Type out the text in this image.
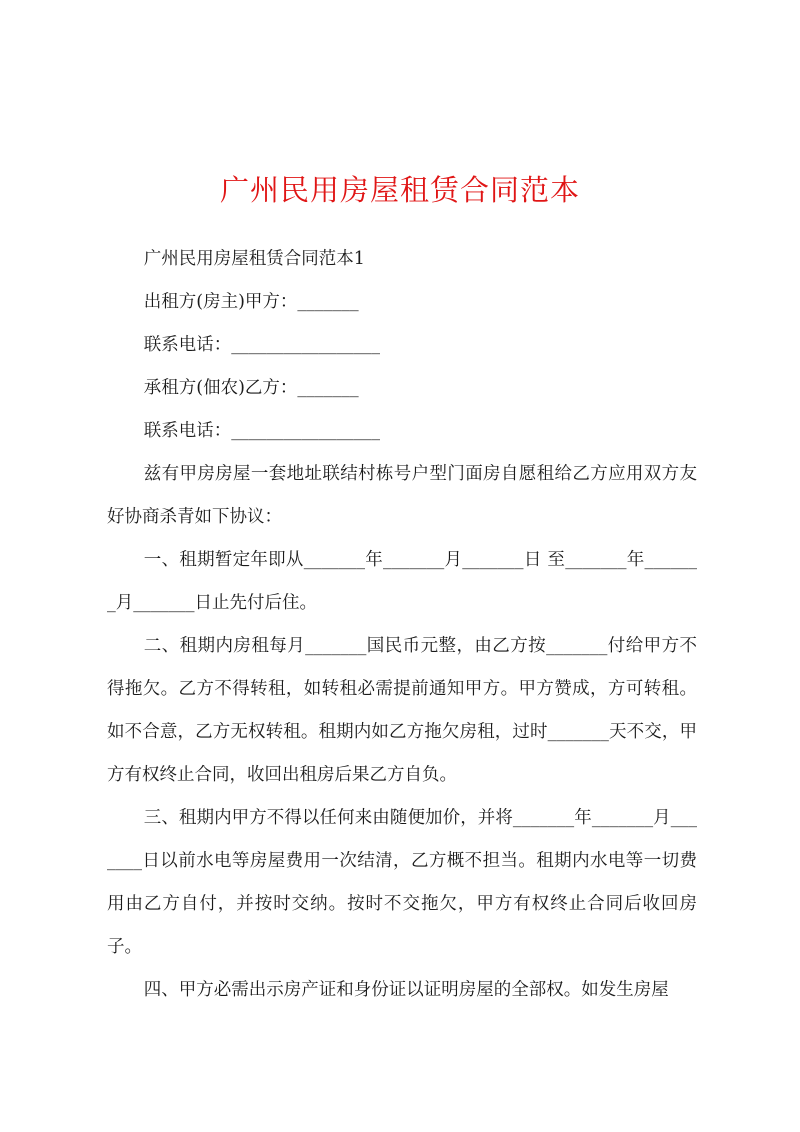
广州民用房屋租赁合同范本

广州民用房屋租赁合同范本1

出租方(房主)甲方：_______

联系电话：_________________

承租方(佃农)乙方：_______

联系电话：_________________

兹有甲房房屋一套地址联结村栋号户型门面房自愿租给乙方应用双方友好协商杀青如下协议：

一、租期暂定年即从_______年_______月_______日 至_______年_______月_______日止先付后住。

二、租期内房租每月_______国民币元整，由乙方按_______付给甲方不得拖欠。乙方不得转租，如转租必需提前通知甲方。甲方赞成，方可转租。如不合意，乙方无权转租。租期内如乙方拖欠房租，过时_______天不交，甲方有权终止合同，收回出租房后果乙方自负。

三、租期内甲方不得以任何来由随便加价，并将_______年_______月_______日以前水电等房屋费用一次结清，乙方概不担当。租期内水电等一切费用由乙方自付，并按时交纳。按时不交拖欠，甲方有权终止合同后收回房子。

四、甲方必需出示房产证和身份证以证明房屋的全部权。如发生房屋
